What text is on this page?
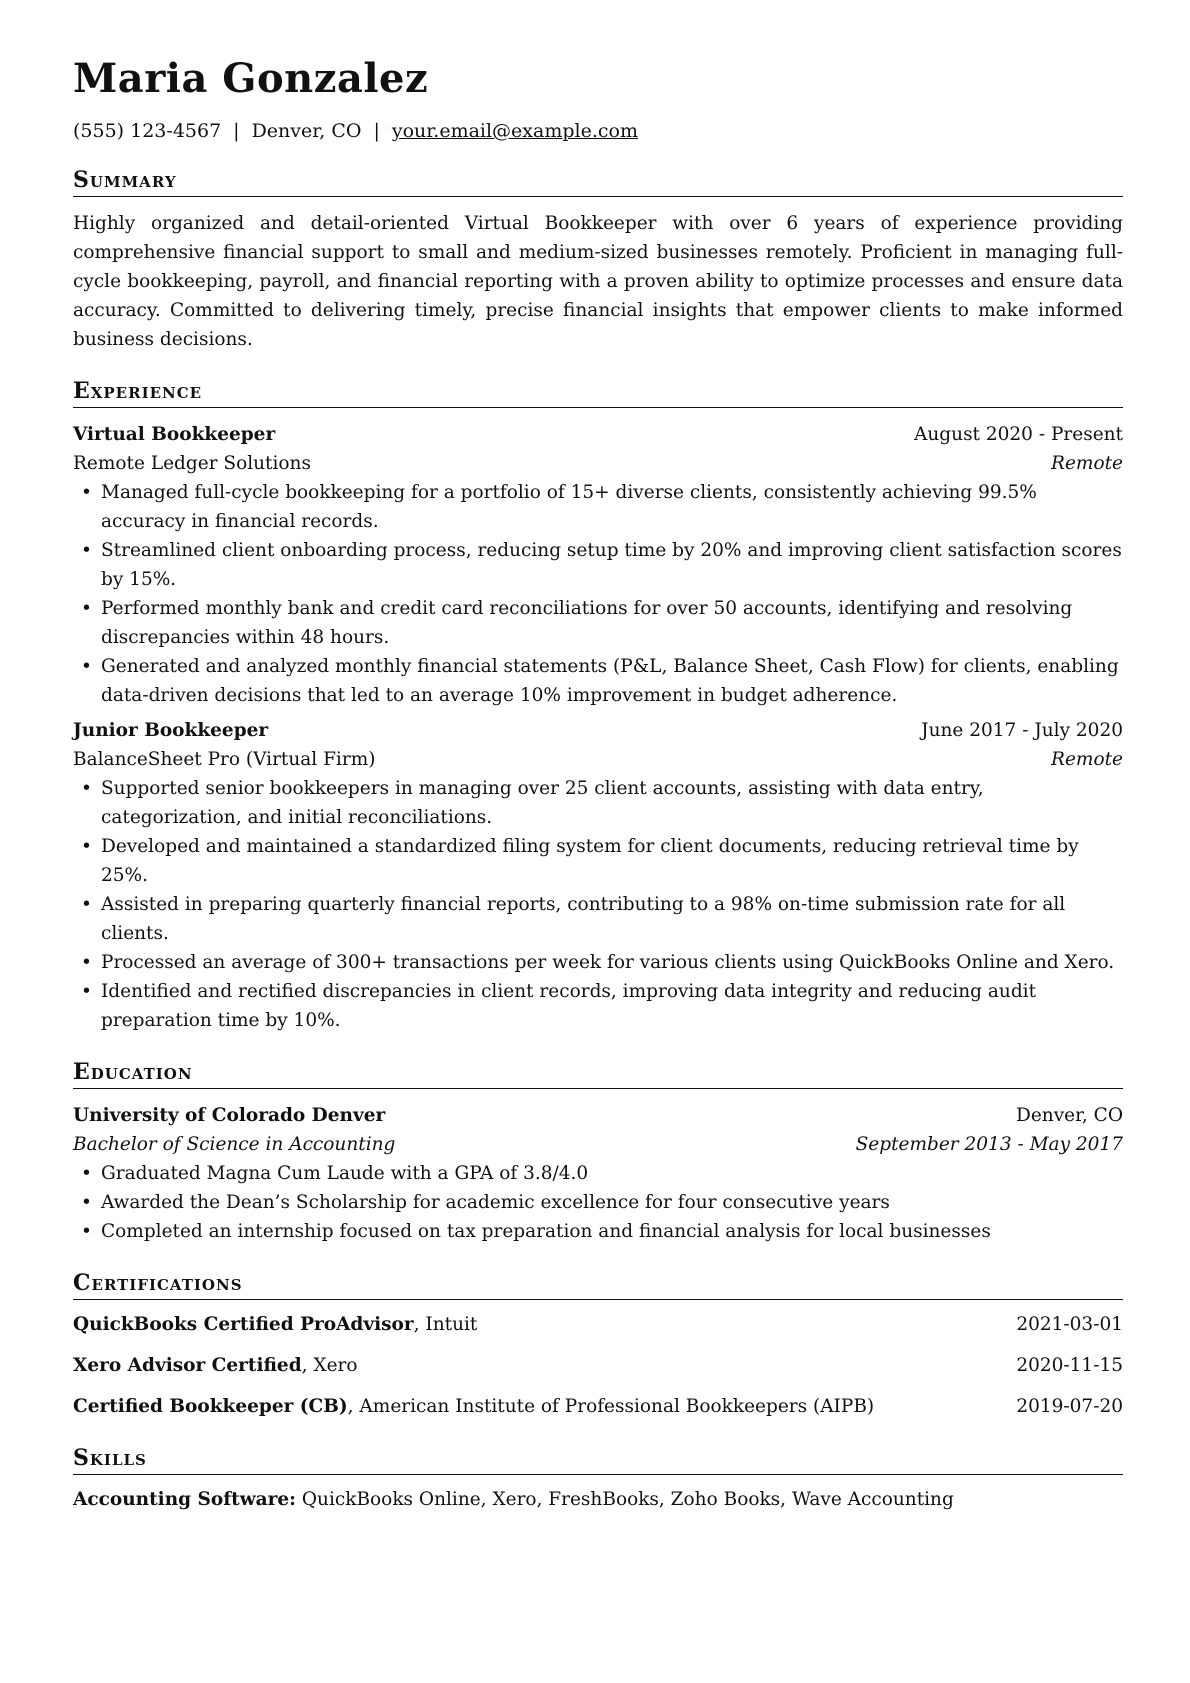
Maria Gonzalez
(555) 123-4567 | Denver, CO | your.email@example.com
Summary
Highly organized and detail-oriented Virtual Bookkeeper with over 6 years of experience providing comprehensive financial support to small and medium-sized businesses remotely. Proficient in managing full-cycle bookkeeping, payroll, and financial reporting with a proven ability to optimize processes and ensure data accuracy. Committed to delivering timely, precise financial insights that empower clients to make informed business decisions.
Experience
Virtual Bookkeeper	August 2020 - Present
Remote Ledger Solutions	Remote
• Managed full-cycle bookkeeping for a portfolio of 15+ diverse clients, consistently achieving 99.5% accuracy in financial records.
• Streamlined client onboarding process, reducing setup time by 20% and improving client satisfaction scores by 15%.
• Performed monthly bank and credit card reconciliations for over 50 accounts, identifying and resolving discrepancies within 48 hours.
• Generated and analyzed monthly financial statements (P&L, Balance Sheet, Cash Flow) for clients, enabling data-driven decisions that led to an average 10% improvement in budget adherence.
Junior Bookkeeper	June 2017 - July 2020
BalanceSheet Pro (Virtual Firm)	Remote
• Supported senior bookkeepers in managing over 25 client accounts, assisting with data entry, categorization, and initial reconciliations.
• Developed and maintained a standardized filing system for client documents, reducing retrieval time by 25%.
• Assisted in preparing quarterly financial reports, contributing to a 98% on-time submission rate for all clients.
• Processed an average of 300+ transactions per week for various clients using QuickBooks Online and Xero.
• Identified and rectified discrepancies in client records, improving data integrity and reducing audit preparation time by 10%.
Education
University of Colorado Denver	Denver, CO
Bachelor of Science in Accounting	September 2013 - May 2017
• Graduated Magna Cum Laude with a GPA of 3.8/4.0
• Awarded the Dean’s Scholarship for academic excellence for four consecutive years
• Completed an internship focused on tax preparation and financial analysis for local businesses
Certifications
QuickBooks Certified ProAdvisor, Intuit	2021-03-01
Xero Advisor Certified, Xero	2020-11-15
Certified Bookkeeper (CB), American Institute of Professional Bookkeepers (AIPB)	2019-07-20
Skills
Accounting Software: QuickBooks Online, Xero, FreshBooks, Zoho Books, Wave Accounting
